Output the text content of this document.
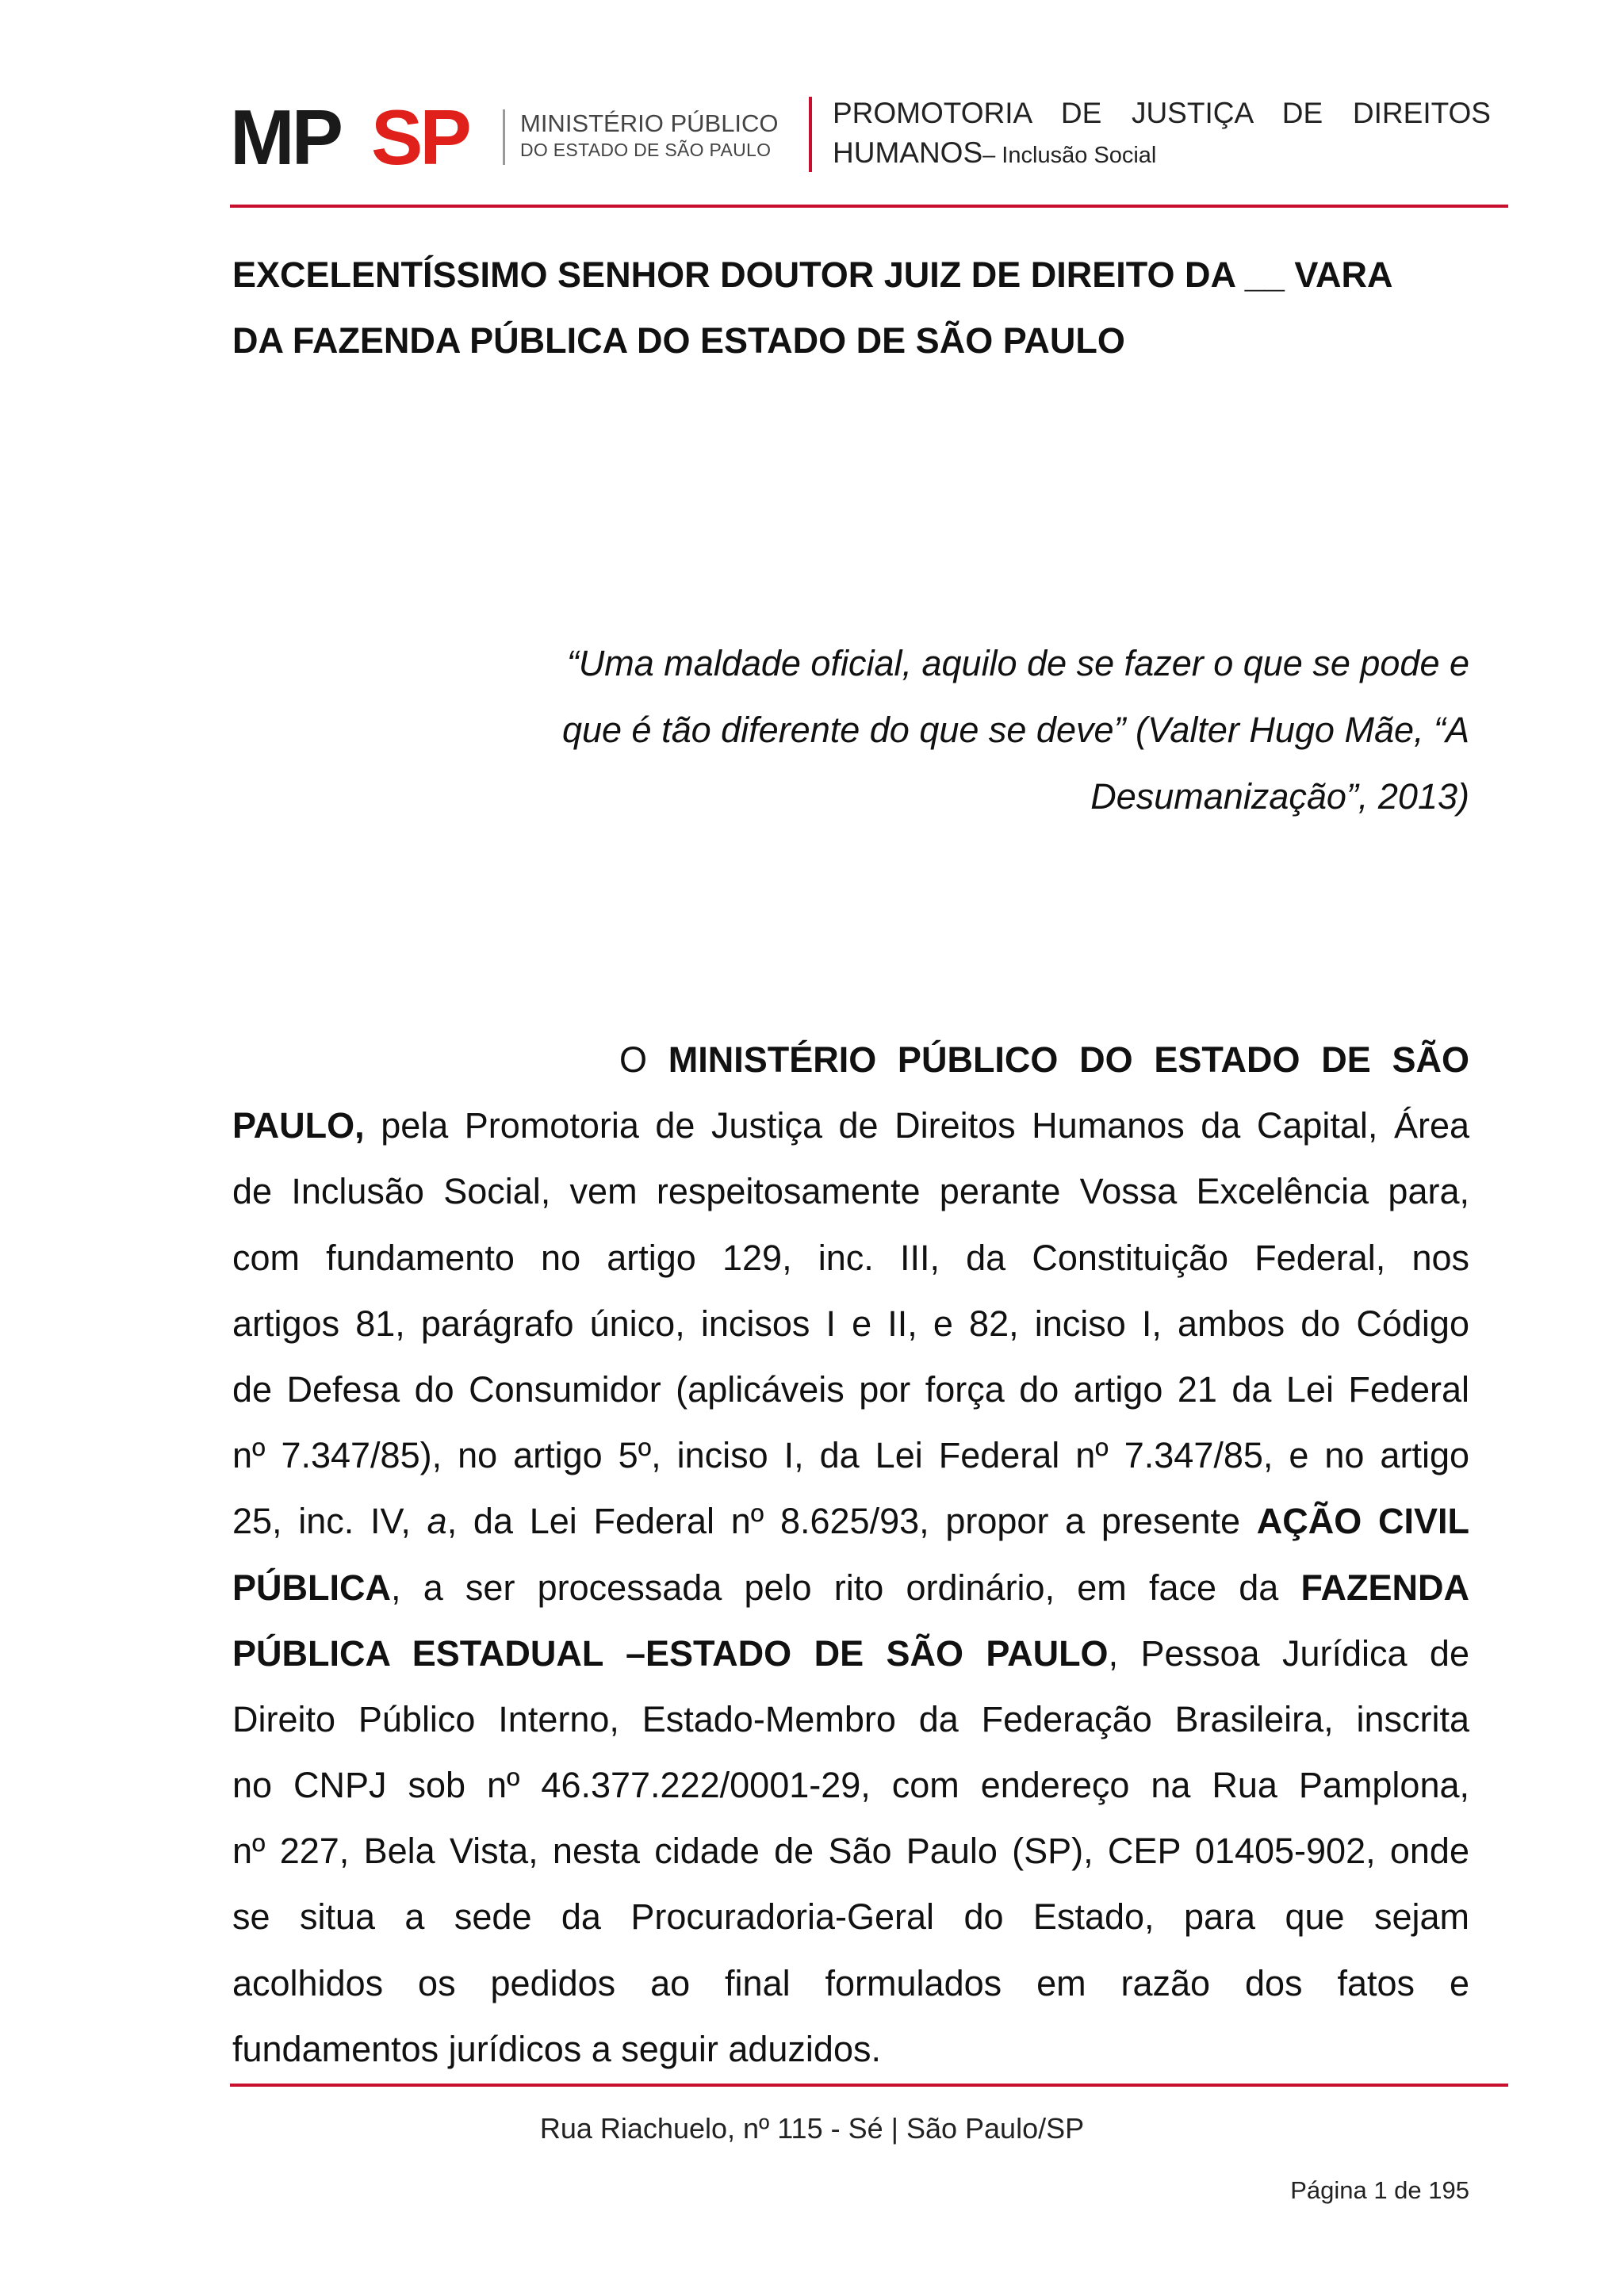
MP SP MINISTÉRIO PÚBLICO
DO ESTADO DE SÃO PAULO
PROMOTORIA DE JUSTIÇA DE DIREITOS
HUMANOS– Inclusão Social
EXCELENTÍSSIMO SENHOR DOUTOR JUIZ DE DIREITO DA __ VARA
DA FAZENDA PÚBLICA DO ESTADO DE SÃO PAULO
“Uma maldade oficial, aquilo de se fazer o que se pode e
que é tão diferente do que se deve” (Valter Hugo Mãe, “A
Desumanização”, 2013)
O MINISTÉRIO PÚBLICO DO ESTADO DE SÃO
PAULO, pela Promotoria de Justiça de Direitos Humanos da Capital, Área
de Inclusão Social, vem respeitosamente perante Vossa Excelência para,
com fundamento no artigo 129, inc. III, da Constituição Federal, nos
artigos 81, parágrafo único, incisos I e II, e 82, inciso I, ambos do Código
de Defesa do Consumidor (aplicáveis por força do artigo 21 da Lei Federal
nº 7.347/85), no artigo 5º, inciso I, da Lei Federal nº 7.347/85, e no artigo
25, inc. IV, a, da Lei Federal nº 8.625/93, propor a presente AÇÃO CIVIL
PÚBLICA, a ser processada pelo rito ordinário, em face da FAZENDA
PÚBLICA ESTADUAL –ESTADO DE SÃO PAULO, Pessoa Jurídica de
Direito Público Interno, Estado-Membro da Federação Brasileira, inscrita
no CNPJ sob nº 46.377.222/0001-29, com endereço na Rua Pamplona,
nº 227, Bela Vista, nesta cidade de São Paulo (SP), CEP 01405-902, onde
se situa a sede da Procuradoria-Geral do Estado, para que sejam
acolhidos os pedidos ao final formulados em razão dos fatos e
fundamentos jurídicos a seguir aduzidos.
Rua Riachuelo, nº 115 - Sé | São Paulo/SP
Página 1 de 195
